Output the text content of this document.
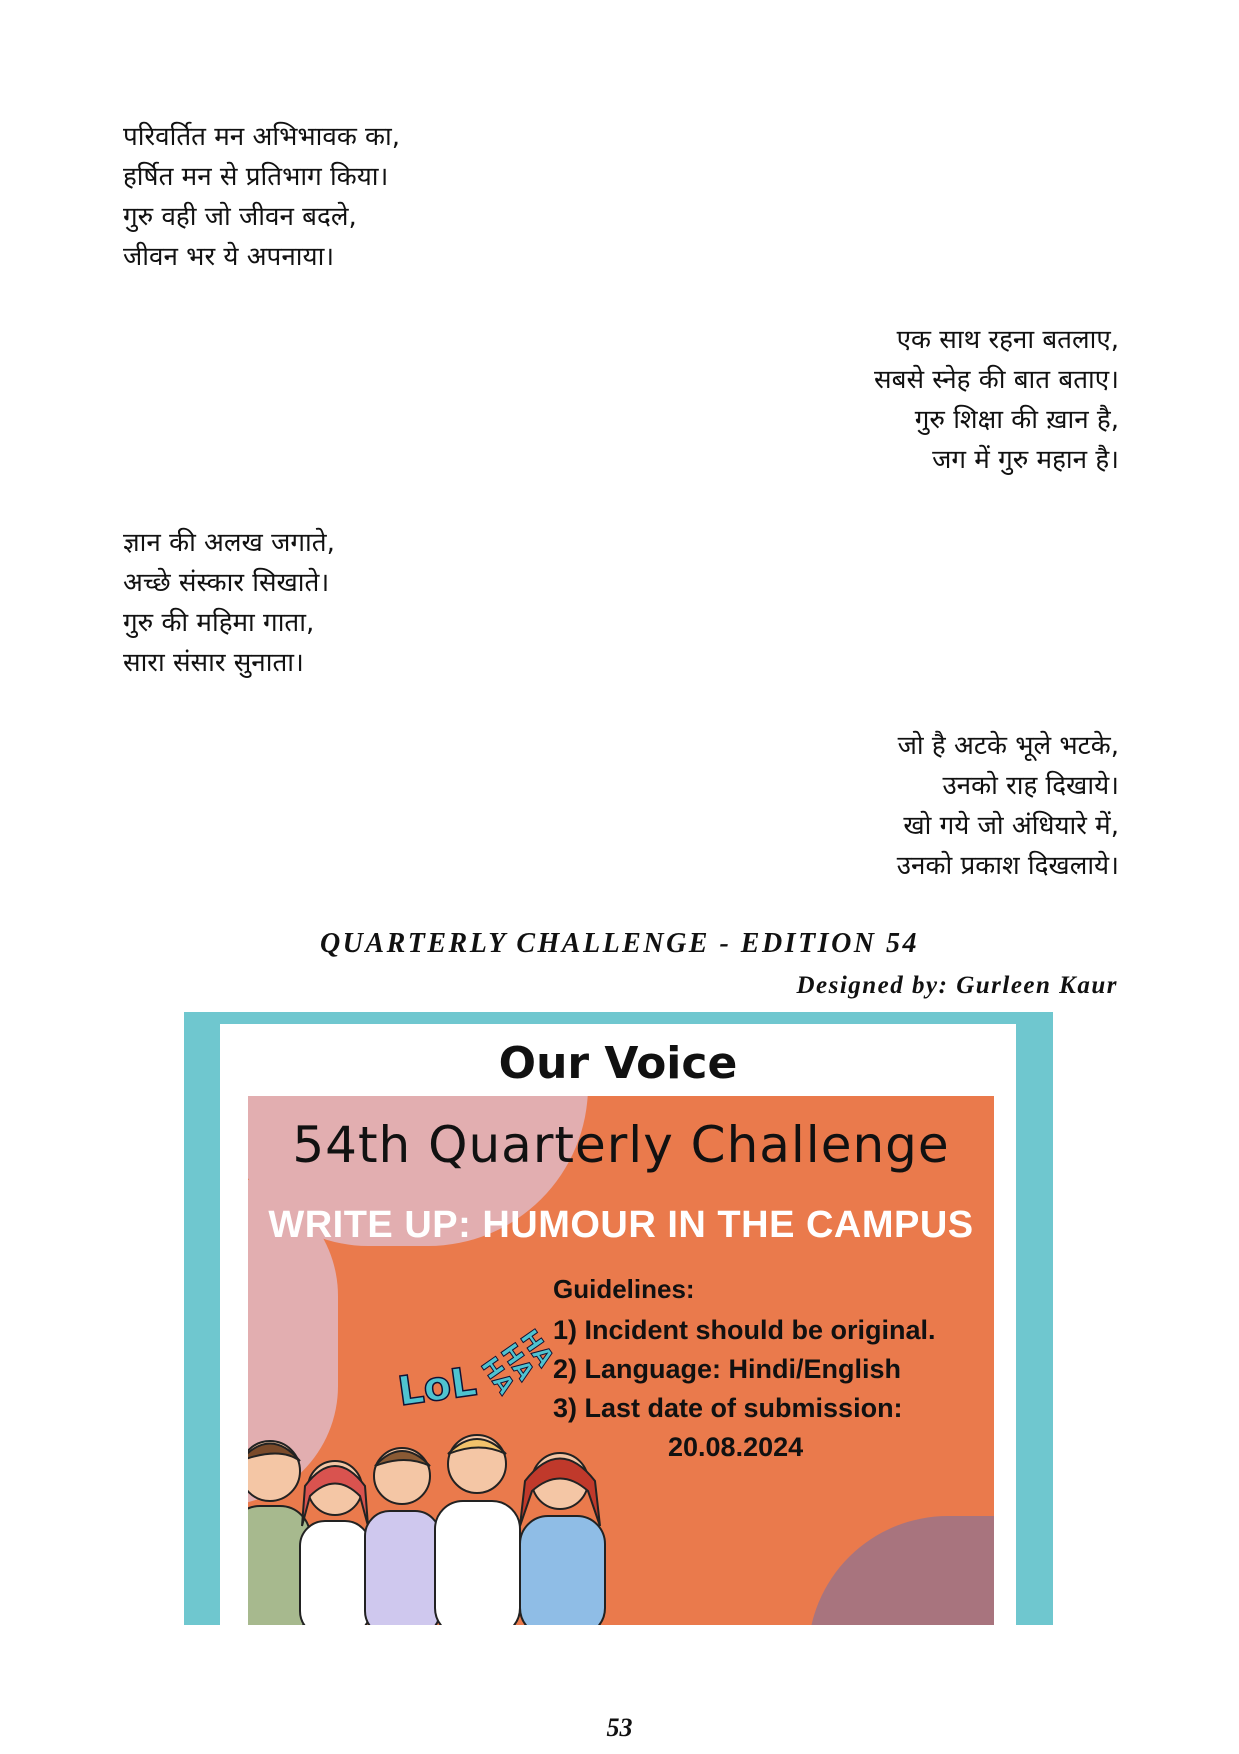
परिवर्तित मन अभिभावक का,
हर्षित मन से प्रतिभाग किया।
गुरु वही जो जीवन बदले,
जीवन भर ये अपनाया।
एक साथ रहना बतलाए,
सबसे स्नेह की बात बताए।
गुरु शिक्षा की ख़ान है,
जग में गुरु महान है।
ज्ञान की अलख जगाते,
अच्छे संस्कार सिखाते।
गुरु की महिमा गाता,
सारा संसार सुनाता।
जो है अटके भूले भटके,
उनको राह दिखाये।
खो गये जो अंधियारे में,
उनको प्रकाश दिखलाये।
QUARTERLY CHALLENGE - EDITION 54
Designed by: Gurleen Kaur
Our Voice
54th Quarterly Challenge
WRITE UP: HUMOUR IN THE CAMPUS
Guidelines:
1) Incident should be original.
2) Language: Hindi/English
3) Last date of submission:
20.08.2024
LoL
HA HA HA
53
